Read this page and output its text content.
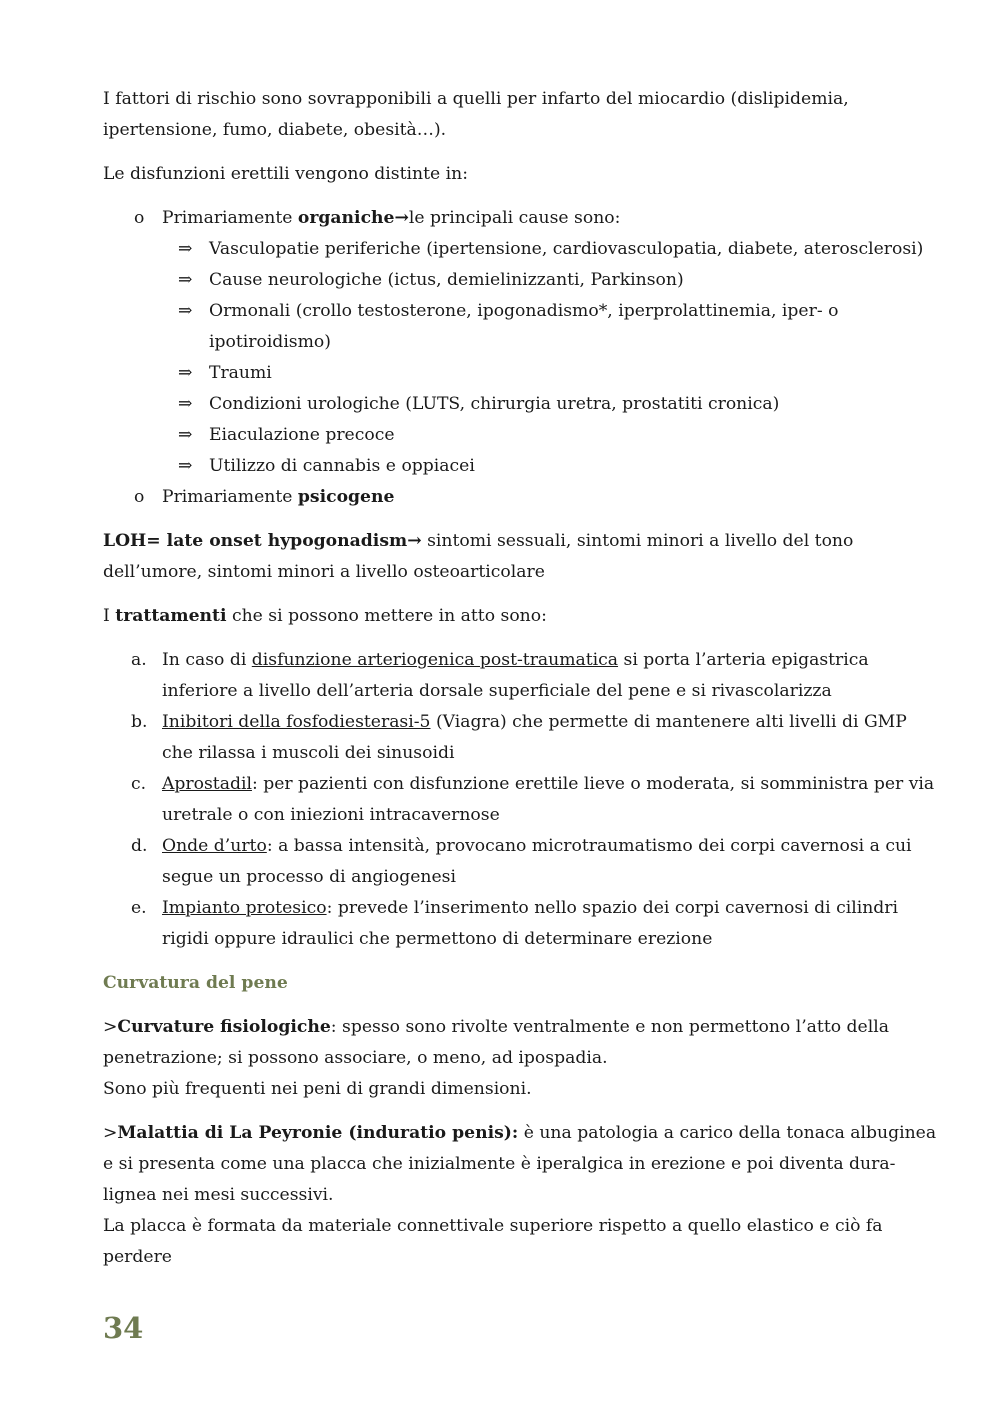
I fattori di rischio sono sovrapponibili a quelli per infarto del miocardio (dislipidemia, ipertensione, fumo, diabete, obesità…).

Le disfunzioni erettili vengono distinte in:

o Primariamente organiche→le principali cause sono:
⇒ Vasculopatie periferiche (ipertensione, cardiovasculopatia, diabete, aterosclerosi)
⇒ Cause neurologiche (ictus, demielinizzanti, Parkinson)
⇒ Ormonali (crollo testosterone, ipogonadismo*, iperprolattinemia, iper- o ipotiroidismo)
⇒ Traumi
⇒ Condizioni urologiche (LUTS, chirurgia uretra, prostatiti cronica)
⇒ Eiaculazione precoce
⇒ Utilizzo di cannabis e oppiacei
o Primariamente psicogene

LOH= late onset hypogonadism→ sintomi sessuali, sintomi minori a livello del tono dell’umore, sintomi minori a livello osteoarticolare

I trattamenti che si possono mettere in atto sono:

a. In caso di disfunzione arteriogenica post-traumatica si porta l’arteria epigastrica inferiore a livello dell’arteria dorsale superficiale del pene e si rivascolarizza
b. Inibitori della fosfodiesterasi-5 (Viagra) che permette di mantenere alti livelli di GMP che rilassa i muscoli dei sinusoidi
c. Aprostadil: per pazienti con disfunzione erettile lieve o moderata, si somministra per via uretrale o con iniezioni intracavernose
d. Onde d’urto: a bassa intensità, provocano microtraumatismo dei corpi cavernosi a cui segue un processo di angiogenesi
e. Impianto protesico: prevede l’inserimento nello spazio dei corpi cavernosi di cilindri rigidi oppure idraulici che permettono di determinare erezione
Curvatura del pene

>Curvature fisiologiche: spesso sono rivolte ventralmente e non permettono l’atto della penetrazione; si possono associare, o meno, ad ipospadia.
Sono più frequenti nei peni di grandi dimensioni.

>Malattia di La Peyronie (induratio penis): è una patologia a carico della tonaca albuginea e si presenta come una placca che inizialmente è iperalgica in erezione e poi diventa dura-lignea nei mesi successivi.
La placca è formata da materiale connettivale superiore rispetto a quello elastico e ciò fa perdere

34
